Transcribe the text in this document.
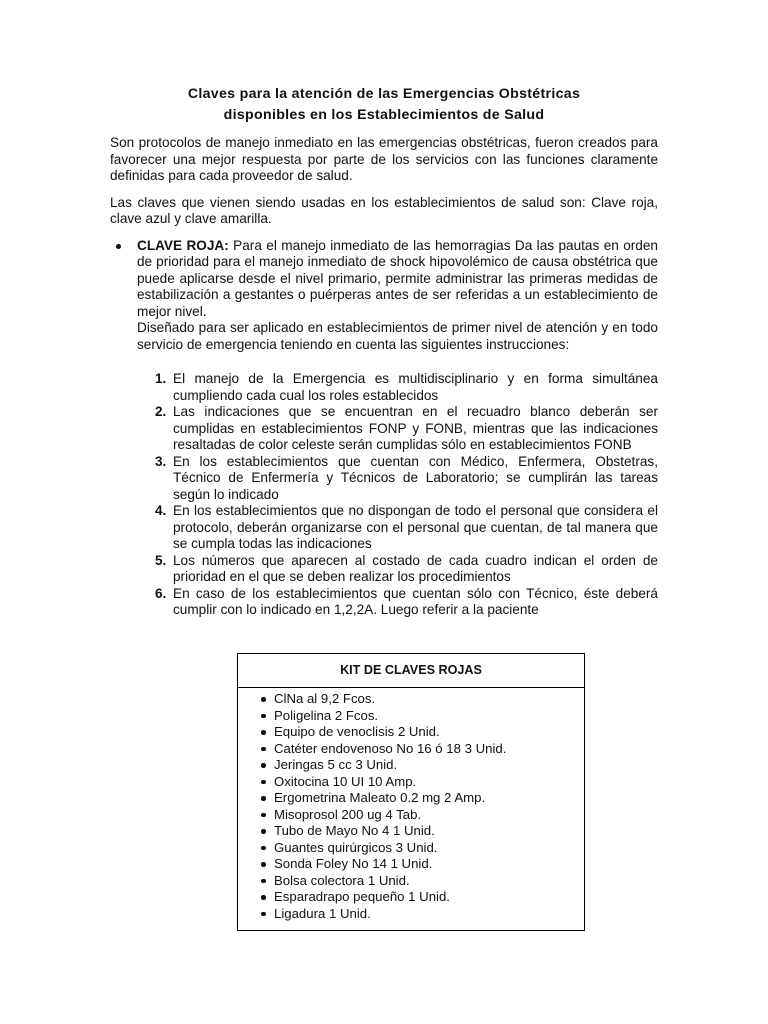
Claves para la atención de las Emergencias Obstétricas
disponibles en los Establecimientos de Salud

Son protocolos de manejo inmediato en las emergencias obstétricas, fueron creados para favorecer una mejor respuesta por parte de los servicios con las funciones claramente definidas para cada proveedor de salud.

Las claves que vienen siendo usadas en los establecimientos de salud son: Clave roja, clave azul y clave amarilla.

CLAVE ROJA: Para el manejo inmediato de las hemorragias Da las pautas en orden de prioridad para el manejo inmediato de shock hipovolémico de causa obstétrica que puede aplicarse desde el nivel primario, permite administrar las primeras medidas de estabilización a gestantes o puérperas antes de ser referidas a un establecimiento de mejor nivel.

Diseñado para ser aplicado en establecimientos de primer nivel de atención y en todo servicio de emergencia teniendo en cuenta las siguientes instrucciones:

1. El manejo de la Emergencia es multidisciplinario y en forma simultánea cumpliendo cada cual los roles establecidos
2. Las indicaciones que se encuentran en el recuadro blanco deberán ser cumplidas en establecimientos FONP y FONB, mientras que las indicaciones resaltadas de color celeste serán cumplidas sólo en establecimientos FONB
3. En los establecimientos que cuentan con Médico, Enfermera, Obstetras, Técnico de Enfermería y Técnicos de Laboratorio; se cumplirán las tareas según lo indicado
4. En los establecimientos que no dispongan de todo el personal que considera el protocolo, deberán organizarse con el personal que cuentan, de tal manera que se cumpla todas las indicaciones
5. Los números que aparecen al costado de cada cuadro indican el orden de prioridad en el que se deben realizar los procedimientos
6. En caso de los establecimientos que cuentan sólo con Técnico, éste deberá cumplir con lo indicado en 1,2,2A. Luego referir a la paciente
KIT DE CLAVES ROJAS
ClNa al 9,2 Fcos.
Poligelina 2 Fcos.
Equipo de venoclisis 2 Unid.
Catéter endovenoso No 16 ó 18 3 Unid.
Jeringas 5 cc 3 Unid.
Oxitocina 10 UI 10 Amp.
Ergometrina Maleato 0.2 mg 2 Amp.
Misoprosol 200 ug 4 Tab.
Tubo de Mayo No 4 1 Unid.
Guantes quirúrgicos 3 Unid.
Sonda Foley No 14 1 Unid.
Bolsa colectora 1 Unid.
Esparadrapo pequeño 1 Unid.
Ligadura 1 Unid.
